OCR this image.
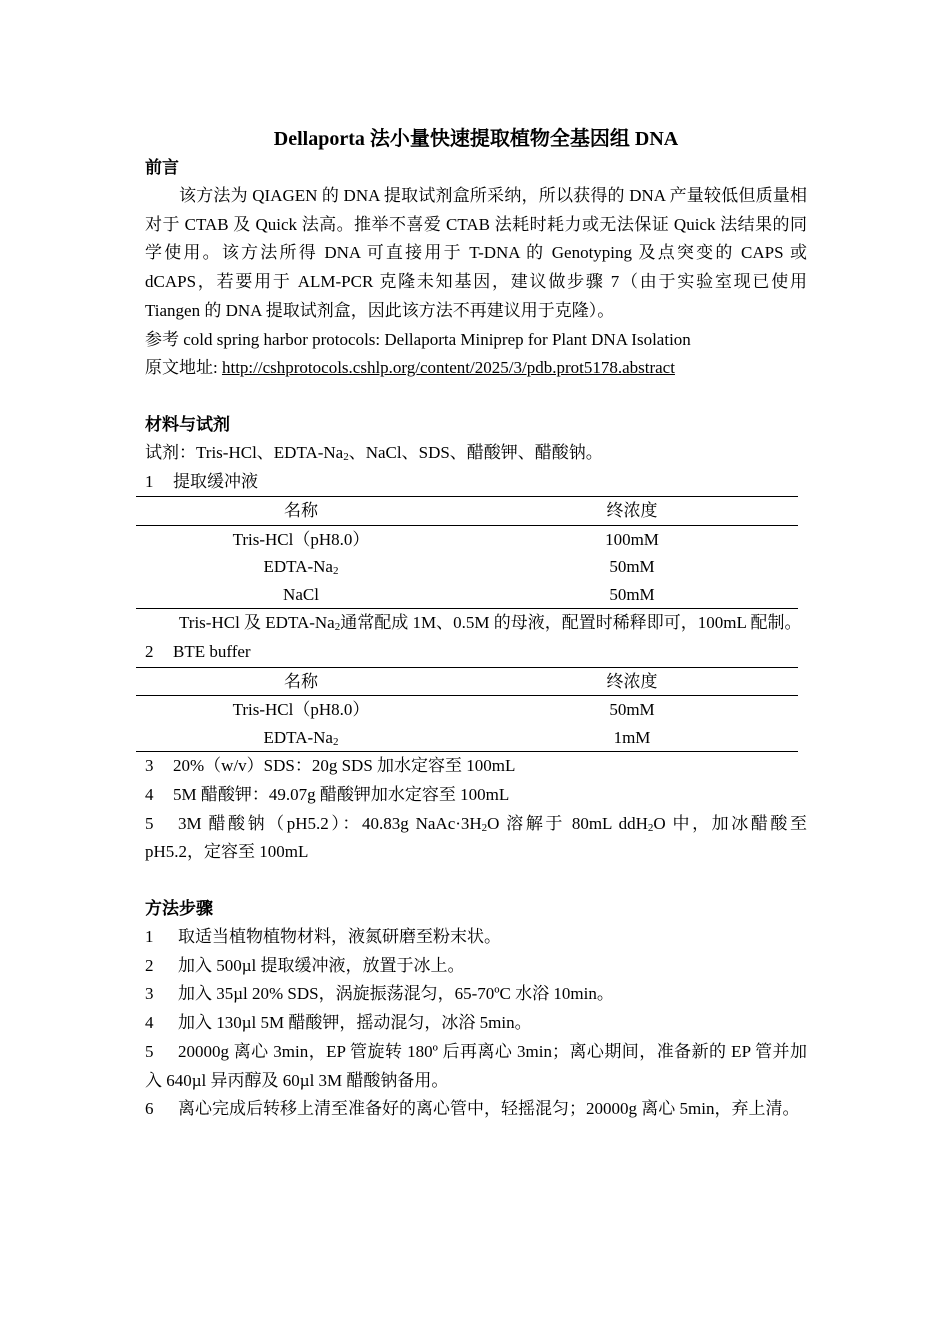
Dellaporta 法小量快速提取植物全基因组 DNA
前言
该方法为 QIAGEN 的 DNA 提取试剂盒所采纳，所以获得的 DNA 产量较低但质量相对于 CTAB 及 Quick 法高。推举不喜爱 CTAB 法耗时耗力或无法保证 Quick 法结果的同学使用。该方法所得 DNA 可直接用于 T-DNA 的 Genotyping 及点突变的 CAPS 或 dCAPS，若要用于 ALM-PCR 克隆未知基因，建议做步骤 7（由于实验室现已使用 Tiangen 的 DNA 提取试剂盒，因此该方法不再建议用于克隆）。
参考 cold spring harbor protocols: Dellaporta Miniprep for Plant DNA Isolation
原文地址: http://cshprotocols.cshlp.org/content/2025/3/pdb.prot5178.abstract
材料与试剂
试剂：Tris-HCl、EDTA-$Na_2$、NaCl、SDS、醋酸钾、醋酸钠。
1 提取缓冲液
名称	终浓度
Tris-HCl（pH8.0）	100mM
EDTA-$Na_2$	50mM
NaCl	50mM
Tris-HCl 及 EDTA-$Na_2$通常配成 1M、0.5M 的母液，配置时稀释即可，100mL 配制。
2 BTE buffer
名称	终浓度
Tris-HCl（pH8.0）	50mM
EDTA-$Na_2$	1mM
3 20%（w/v）SDS：20g SDS 加水定容至 100mL
4 5M 醋酸钾：49.07g 醋酸钾加水定容至 100mL
5 3M 醋酸钠（pH5.2）：40.83g $NaAc\cdot 3H_2O$ 溶解于 80mL ddH$_2$O 中，加冰醋酸至 pH5.2，定容至 100mL
方法步骤
1 取适当植物植物材料，液氮研磨至粉末状。
2 加入 500µl 提取缓冲液，放置于冰上。
3 加入 35µl 20% SDS，涡旋振荡混匀，65-70ºC 水浴 10min。
4 加入 130µl 5M 醋酸钾，摇动混匀，冰浴 5min。
5 20000g 离心 3min，EP 管旋转 180º 后再离心 3min；离心期间，准备新的 EP 管并加入 640µl 异丙醇及 60µl 3M 醋酸钠备用。
6 离心完成后转移上清至准备好的离心管中，轻摇混匀；20000g 离心 5min，弃上清。
